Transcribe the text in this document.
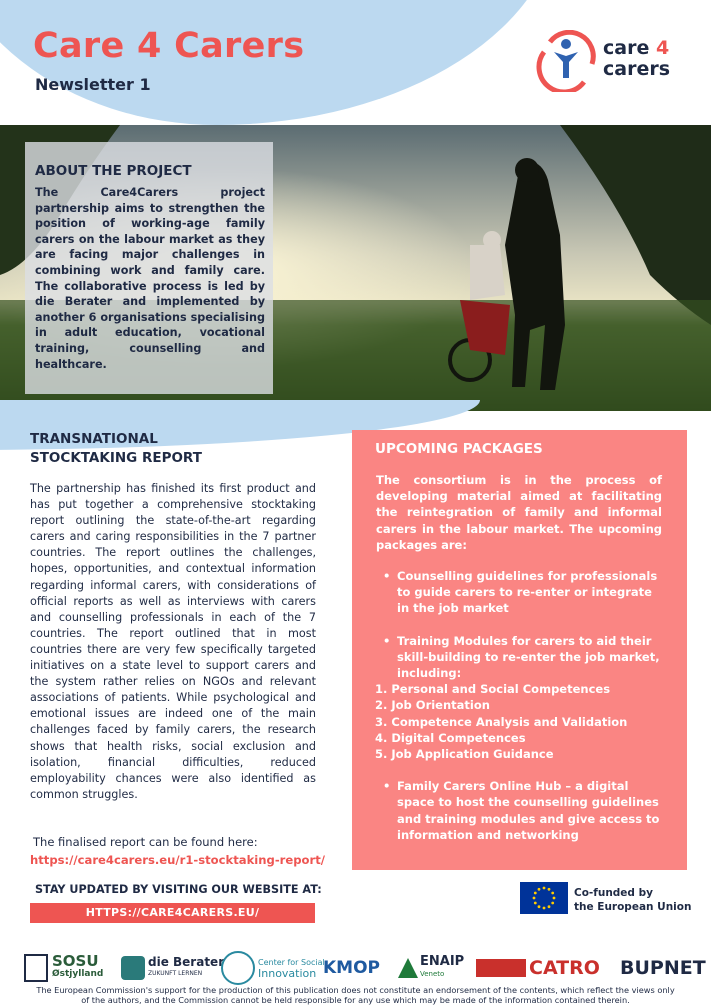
Care 4 Carers
Newsletter 1
care 4
carers
ABOUT THE PROJECT

The Care4Carers project partnership aims to strengthen the position of working-age family carers on the labour market as they are facing major challenges in combining work and family care. The collaborative process is led by die Berater and implemented by another 6 organisations specialising in adult education, vocational training, counselling and healthcare.

TRANSNATIONAL
STOCKTAKING REPORT
The partnership has finished its first product and has put together a comprehensive stocktaking report outlining the state-of-the-art regarding carers and caring responsibilities in the 7 partner countries. The report outlines the challenges, hopes, opportunities, and contextual information regarding informal carers, with considerations of official reports as well as interviews with carers and counselling professionals in each of the 7 countries. The report outlined that in most countries there are very few specifically targeted initiatives on a state level to support carers and the system rather relies on NGOs and relevant associations of patients. While psychological and emotional issues are indeed one of the main challenges faced by family carers, the research shows that health risks, social exclusion and isolation, financial difficulties, reduced employability chances were also identified as common struggles.
The finalised report can be found here:
https://care4carers.eu/r1-stocktaking-report/
STAY UPDATED BY VISITING OUR WEBSITE AT:
HTTPS://CARE4CARERS.EU/
UPCOMING PACKAGES
The consortium is in the process of developing material aimed at facilitating the reintegration of family and informal carers in the labour market. The upcoming packages are:
• Counselling guidelines for professionals to guide carers to re-enter or integrate in the job market
• Training Modules for carers to aid their skill-building to re-enter the job market, including:
1. Personal and Social Competences
2. Job Orientation
3. Competence Analysis and Validation
4. Digital Competences
5. Job Application Guidance
• Family Carers Online Hub – a digital space to host the counselling guidelines and training modules and give access to information and networking
Co-funded by
the European Union
SOSU
Østjylland
die Berater
ZUKUNFT LERNEN
Center for Social
Innovation KMOP	ENAIP
Veneto	CATRO BUPNET
The European Commission's support for the production of this publication does not constitute an endorsement of the contents, which reflect the views only
of the authors, and the Commission cannot be held responsible for any use which may be made of the information contained therein.
